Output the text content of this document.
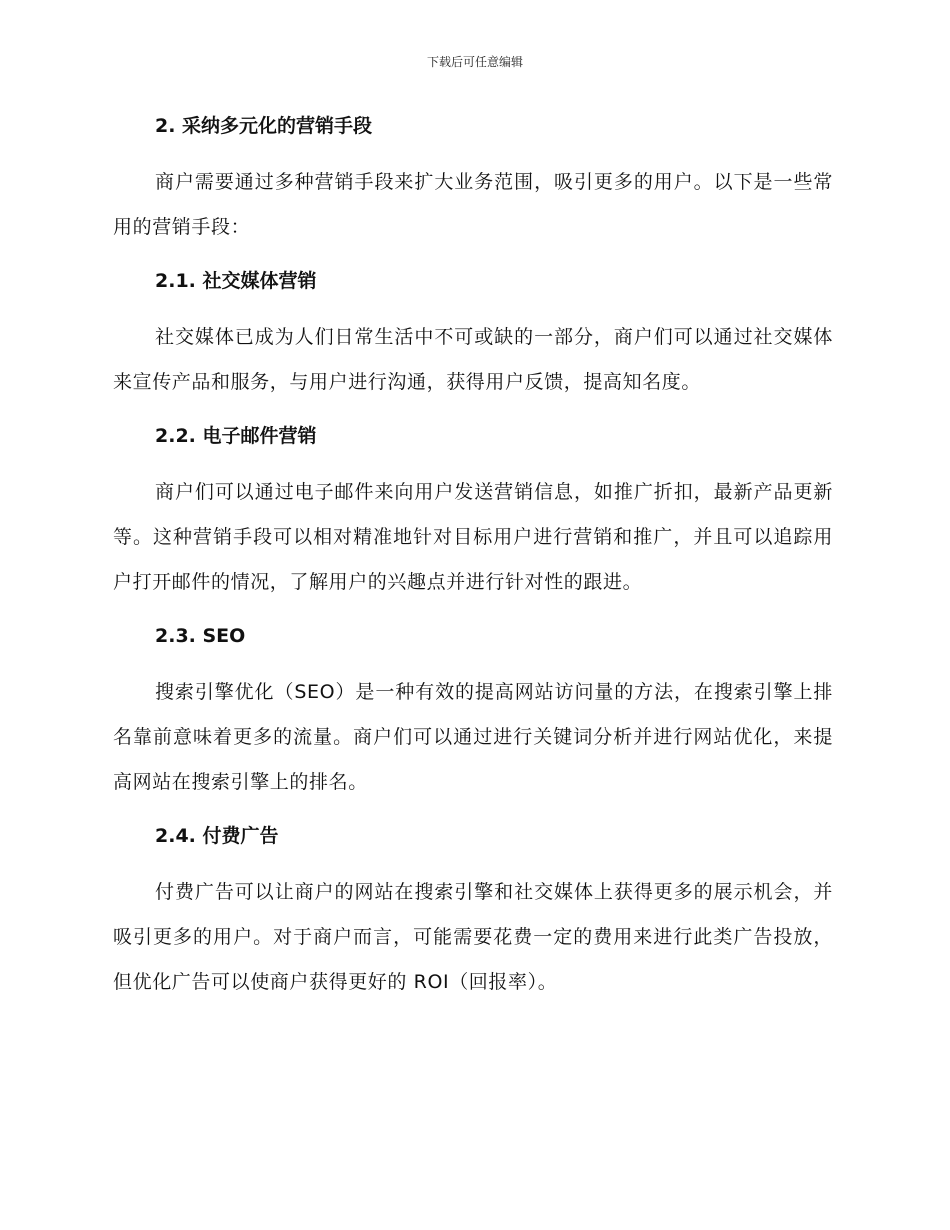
下载后可任意编辑
2. 采纳多元化的营销手段

商户需要通过多种营销手段来扩大业务范围，吸引更多的用户。以下是一些常用的营销手段：

2.1. 社交媒体营销

社交媒体已成为人们日常生活中不可或缺的一部分，商户们可以通过社交媒体来宣传产品和服务，与用户进行沟通，获得用户反馈，提高知名度。

2.2. 电子邮件营销

商户们可以通过电子邮件来向用户发送营销信息，如推广折扣，最新产品更新等。这种营销手段可以相对精准地针对目标用户进行营销和推广，并且可以追踪用户打开邮件的情况，了解用户的兴趣点并进行针对性的跟进。

2.3. SEO

搜索引擎优化（SEO）是一种有效的提高网站访问量的方法，在搜索引擎上排名靠前意味着更多的流量。商户们可以通过进行关键词分析并进行网站优化，来提高网站在搜索引擎上的排名。

2.4. 付费广告

付费广告可以让商户的网站在搜索引擎和社交媒体上获得更多的展示机会，并吸引更多的用户。对于商户而言，可能需要花费一定的费用来进行此类广告投放，但优化广告可以使商户获得更好的 ROI（回报率）。
